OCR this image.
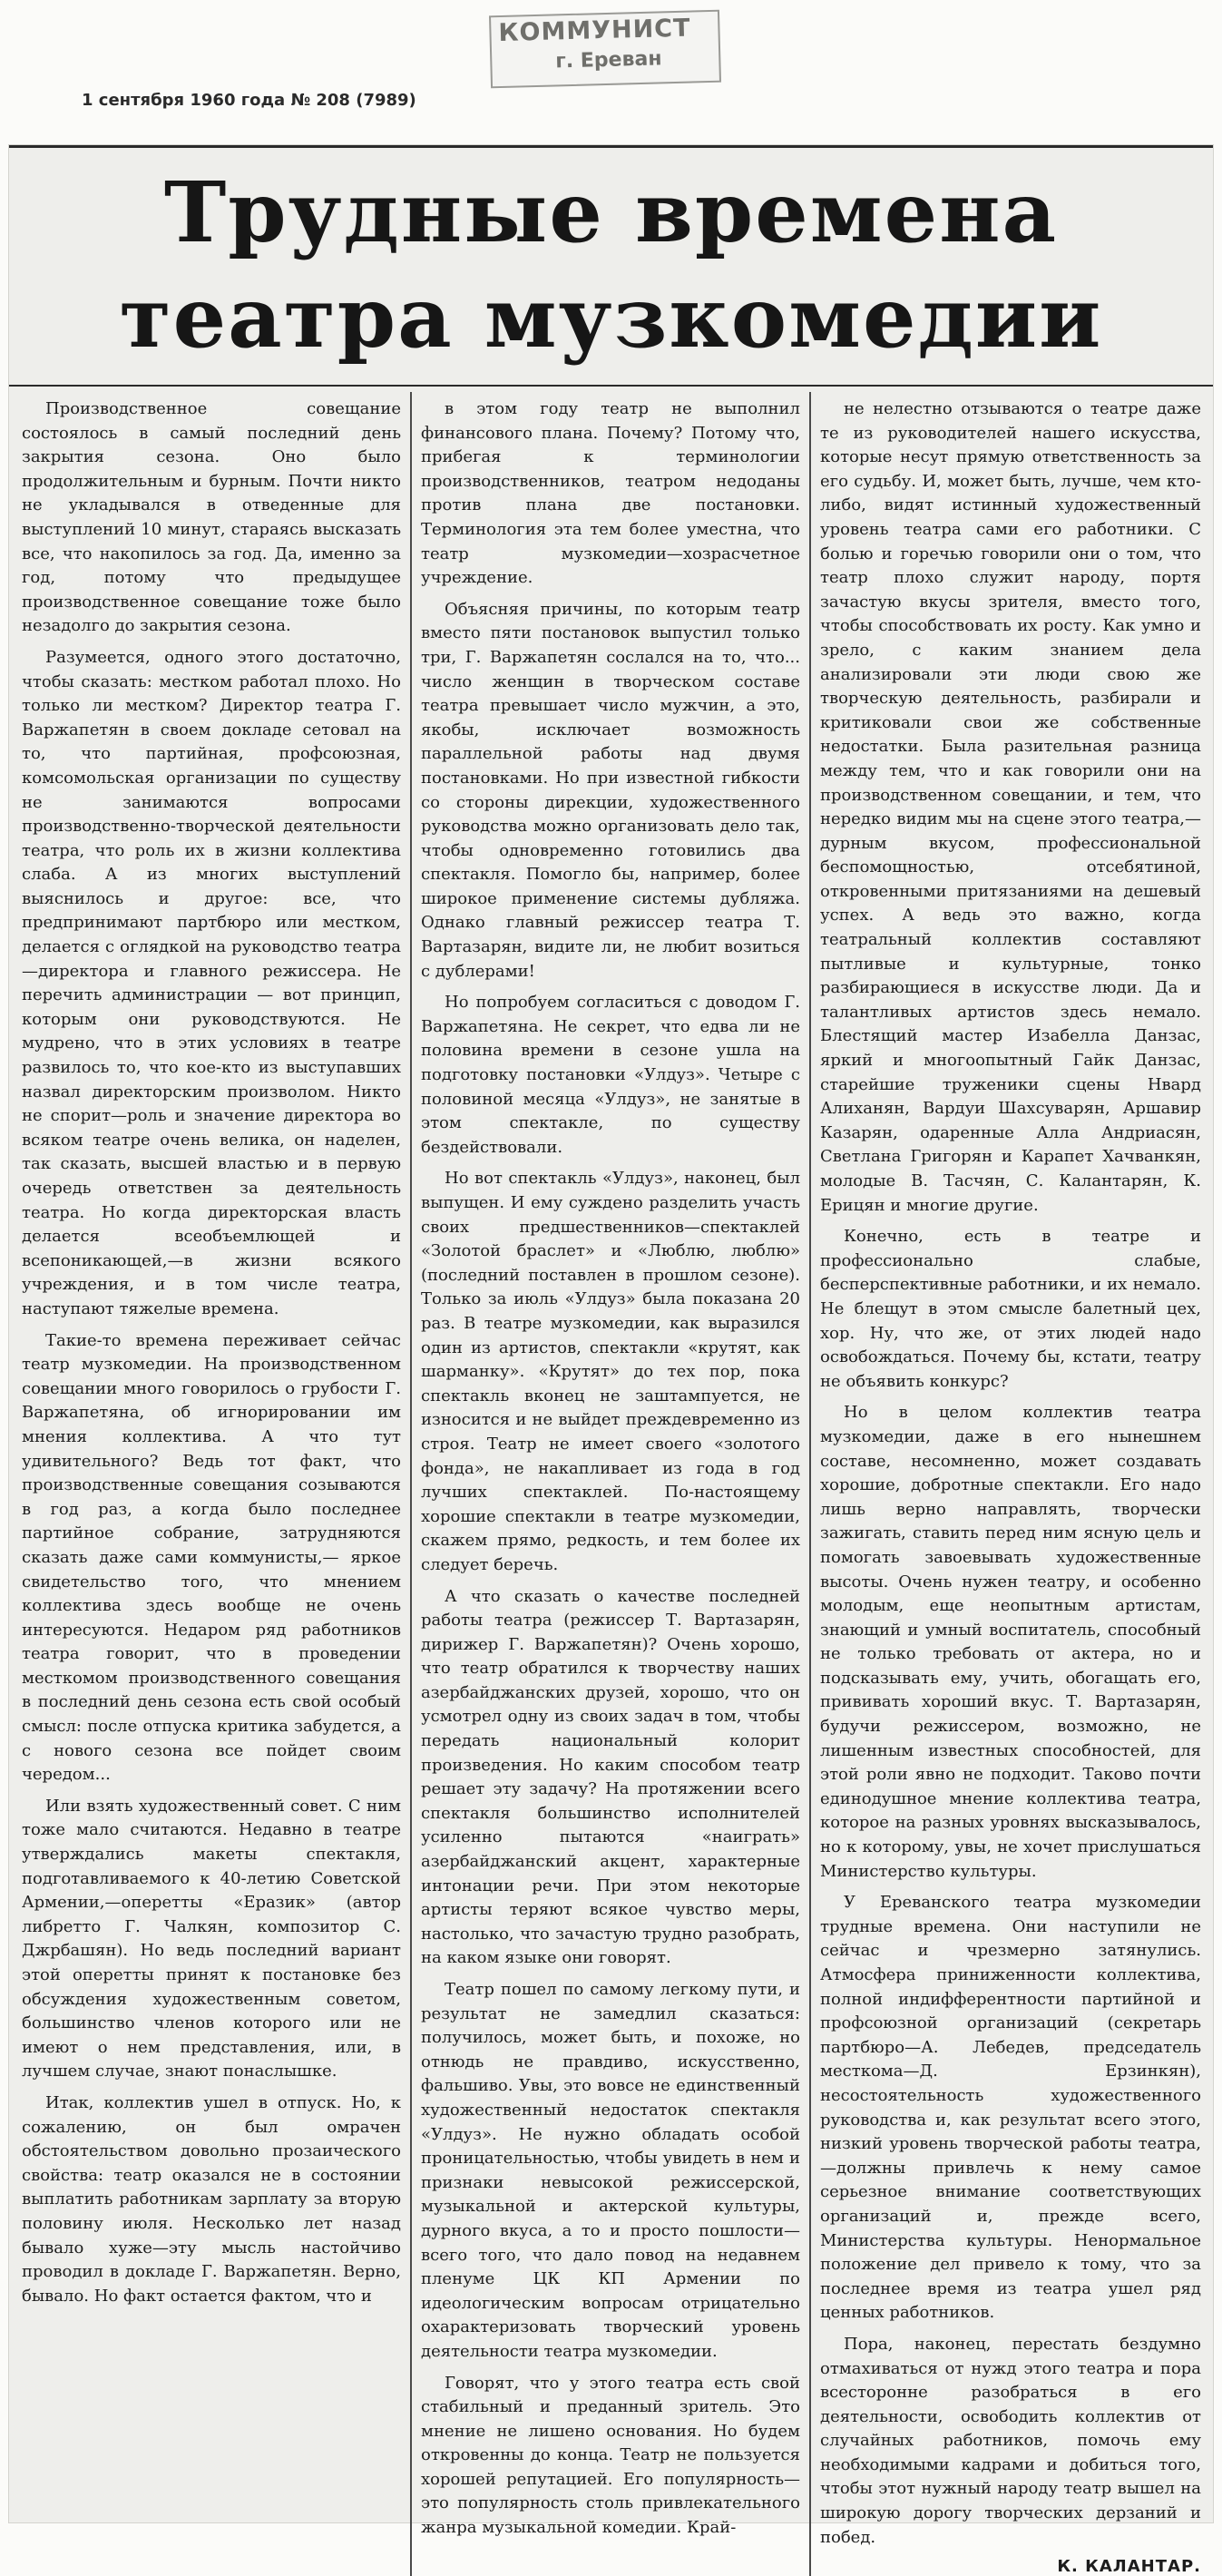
КОММУНИСТ
г. Ереван
1 сентября 1960 года № 208 (7989)
Трудные времена
театра музкомедии

Производственное совещание состоялось в самый последний день закрытия сезона. Оно было продолжительным и бурным. Почти никто не укладывался в отведенные для выступлений 10 минут, стараясь высказать все, что накопилось за год. Да, именно за год, потому что предыдущее производственное совещание тоже было незадолго до закрытия сезона.

Разумеется, одного этого достаточно, чтобы сказать: местком работал плохо. Но только ли местком? Директор театра Г. Варжапетян в своем докладе сетовал на то, что партийная, профсоюзная, комсомольская организации по существу не занимаются вопросами производственно-творческой деятельности театра, что роль их в жизни коллектива слаба. А из многих выступлений выяснилось и другое: все, что предпринимают партбюро или местком, делается с оглядкой на руководство театра—директора и главного режиссера. Не перечить администрации — вот принцип, которым они руководствуются. Не мудрено, что в этих условиях в театре развилось то, что кое-кто из выступавших назвал директорским произволом. Никто не спорит—роль и значение директора во всяком театре очень велика, он наделен, так сказать, высшей властью и в первую очередь ответствен за деятельность театра. Но когда директорская власть делается всеобъемлющей и всепоникающей,—в жизни всякого учреждения, и в том числе театра, наступают тяжелые времена.

Такие-то времена переживает сейчас театр музкомедии. На производственном совещании много говорилось о грубости Г. Варжапетяна, об игнорировании им мнения коллектива. А что тут удивительного? Ведь тот факт, что производственные совещания созываются в год раз, а когда было последнее партийное собрание, затрудняются сказать даже сами коммунисты,— яркое свидетельство того, что мнением коллектива здесь вообще не очень интересуются. Недаром ряд работников театра говорит, что в проведении месткомом производственного совещания в последний день сезона есть свой особый смысл: после отпуска критика забудется, а с нового сезона все пойдет своим чередом...

Или взять художественный совет. С ним тоже мало считаются. Недавно в театре утверждались макеты спектакля, подготавливаемого к 40-летию Советской Армении,—оперетты «Еразик» (автор либретто Г. Чалкян, композитор С. Джрбашян). Но ведь последний вариант этой оперетты принят к постановке без обсуждения художественным советом, большинство членов которого или не имеют о нем представления, или, в лучшем случае, знают понаслышке.

Итак, коллектив ушел в отпуск. Но, к сожалению, он был омрачен обстоятельством довольно прозаического свойства: театр оказался не в состоянии выплатить работникам зарплату за вторую половину июля. Несколько лет назад бывало хуже—эту мысль настойчиво проводил в докладе Г. Варжапетян. Верно, бывало. Но факт остается фактом, что и

в этом году театр не выполнил финансового плана. Почему? Потому что, прибегая к терминологии производственников, театром недоданы против плана две постановки. Терминология эта тем более уместна, что театр музкомедии—хозрасчетное учреждение.

Объясняя причины, по которым театр вместо пяти постановок выпустил только три, Г. Варжапетян сослался на то, что... число женщин в творческом составе театра превышает число мужчин, а это, якобы, исключает возможность параллельной работы над двумя постановками. Но при известной гибкости со стороны дирекции, художественного руководства можно организовать дело так, чтобы одновременно готовились два спектакля. Помогло бы, например, более широкое применение системы дубляжа. Однако главный режиссер театра Т. Вартазарян, видите ли, не любит возиться с дублерами!

Но попробуем согласиться с доводом Г. Варжапетяна. Не секрет, что едва ли не половина времени в сезоне ушла на подготовку постановки «Улдуз». Четыре с половиной месяца «Улдуз», не занятые в этом спектакле, по существу бездействовали.

Но вот спектакль «Улдуз», наконец, был выпущен. И ему суждено разделить участь своих предшественников—спектаклей «Золотой браслет» и «Люблю, люблю» (последний поставлен в прошлом сезоне). Только за июль «Улдуз» была показана 20 раз. В театре музкомедии, как выразился один из артистов, спектакли «крутят, как шарманку». «Крутят» до тех пор, пока спектакль вконец не заштампуется, не износится и не выйдет преждевременно из строя. Театр не имеет своего «золотого фонда», не накапливает из года в год лучших спектаклей. По-настоящему хорошие спектакли в театре музкомедии, скажем прямо, редкость, и тем более их следует беречь.

А что сказать о качестве последней работы театра (режиссер Т. Вартазарян, дирижер Г. Варжапетян)? Очень хорошо, что театр обратился к творчеству наших азербайджанских друзей, хорошо, что он усмотрел одну из своих задач в том, чтобы передать национальный колорит произведения. Но каким способом театр решает эту задачу? На протяжении всего спектакля большинство исполнителей усиленно пытаются «наиграть» азербайджанский акцент, характерные интонации речи. При этом некоторые артисты теряют всякое чувство меры, настолько, что зачастую трудно разобрать, на каком языке они говорят.

Театр пошел по самому легкому пути, и результат не замедлил сказаться: получилось, может быть, и похоже, но отнюдь не правдиво, искусственно, фальшиво. Увы, это вовсе не единственный художественный недостаток спектакля «Улдуз». Не нужно обладать особой проницательностью, чтобы увидеть в нем и признаки невысокой режиссерской, музыкальной и актерской культуры, дурного вкуса, а то и просто пошлости—всего того, что дало повод на недавнем пленуме ЦК КП Армении по идеологическим вопросам отрицательно охарактеризовать творческий уровень деятельности театра музкомедии.

Говорят, что у этого театра есть свой стабильный и преданный зритель. Это мнение не лишено основания. Но будем откровенны до конца. Театр не пользуется хорошей репутацией. Его популярность—это популярность столь привлекательного жанра музыкальной комедии. Край-

не нелестно отзываются о театре даже те из руководителей нашего искусства, которые несут прямую ответственность за его судьбу. И, может быть, лучше, чем кто-либо, видят истинный художественный уровень театра сами его работники. С болью и горечью говорили они о том, что театр плохо служит народу, портя зачастую вкусы зрителя, вместо того, чтобы способствовать их росту. Как умно и зрело, с каким знанием дела анализировали эти люди свою же творческую деятельность, разбирали и критиковали свои же собственные недостатки. Была разительная разница между тем, что и как говорили они на производственном совещании, и тем, что нередко видим мы на сцене этого театра,—дурным вкусом, профессиональной беспомощностью, отсебятиной, откровенными притязаниями на дешевый успех. А ведь это важно, когда театральный коллектив составляют пытливые и культурные, тонко разбирающиеся в искусстве люди. Да и талантливых артистов здесь немало. Блестящий мастер Изабелла Данзас, яркий и многоопытный Гайк Данзас, старейшие труженики сцены Нвард Алиханян, Вардуи Шахсуварян, Аршавир Казарян, одаренные Алла Андриасян, Светлана Григорян и Карапет Хачванкян, молодые В. Тасчян, С. Калантарян, К. Ерицян и многие другие.

Конечно, есть в театре и профессионально слабые, бесперспективные работники, и их немало. Не блещут в этом смысле балетный цех, хор. Ну, что же, от этих людей надо освобождаться. Почему бы, кстати, театру не объявить конкурс?

Но в целом коллектив театра музкомедии, даже в его нынешнем составе, несомненно, может создавать хорошие, добротные спектакли. Его надо лишь верно направлять, творчески зажигать, ставить перед ним ясную цель и помогать завоевывать художественные высоты. Очень нужен театру, и особенно молодым, еще неопытным артистам, знающий и умный воспитатель, способный не только требовать от актера, но и подсказывать ему, учить, обогащать его, прививать хороший вкус. Т. Вартазарян, будучи режиссером, возможно, не лишенным известных способностей, для этой роли явно не подходит. Таково почти единодушное мнение коллектива театра, которое на разных уровнях высказывалось, но к которому, увы, не хочет прислушаться Министерство культуры.

У Ереванского театра музкомедии трудные времена. Они наступили не сейчас и чрезмерно затянулись. Атмосфера приниженности коллектива, полной индифферентности партийной и профсоюзной организаций (секретарь партбюро—А. Лебедев, председатель месткома—Д. Ерзинкян), несостоятельность художественного руководства и, как результат всего этого, низкий уровень творческой работы театра,—должны привлечь к нему самое серьезное внимание соответствующих организаций и, прежде всего, Министерства культуры. Ненормальное положение дел привело к тому, что за последнее время из театра ушел ряд ценных работников.

Пора, наконец, перестать бездумно отмахиваться от нужд этого театра и пора всесторонне разобраться в его деятельности, освободить коллектив от случайных работников, помочь ему необходимыми кадрами и добиться того, чтобы этот нужный народу театр вышел на широкую дорогу творческих дерзаний и побед.

К. КАЛАНТАР.
